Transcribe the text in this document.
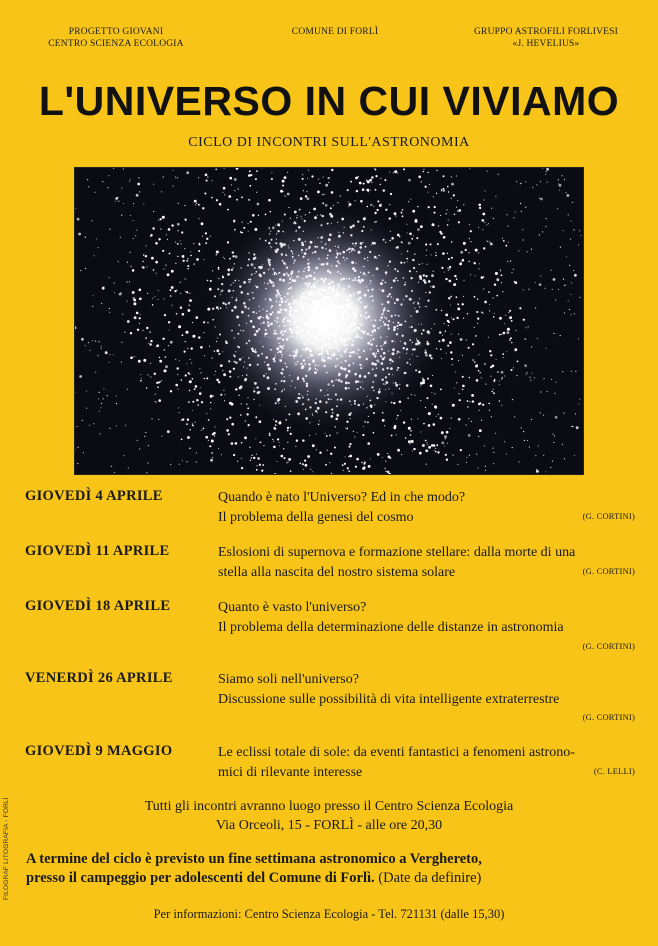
PROGETTO GIOVANI
CENTRO SCIENZA ECOLOGIA
COMUNE DI FORLÌ	GRUPPO ASTROFILI FORLIVESI
«J. HEVELIUS»
L'UNIVERSO IN CUI VIVIAMO
CICLO DI INCONTRI SULL'ASTRONOMIA
GIOVEDÌ 4 APRILE	Quando è nato l'Universo? Ed in che modo?
Il problema della genesi del cosmo	(G. CORTINI)
GIOVEDÌ 11 APRILE	Eslosioni di supernova e formazione stellare: dalla morte di una
stella alla nascita del nostro sistema solare	(G. CORTINI)
GIOVEDÌ 18 APRILE	Quanto è vasto l'universo?
Il problema della determinazione delle distanze in astronomia
(G. CORTINI)
VENERDÌ 26 APRILE	Siamo soli nell'universo?
Discussione sulle possibilità di vita intelligente extraterrestre
(G. CORTINI)
GIOVEDÌ 9 MAGGIO	Le eclissi totale di sole: da eventi fantastici a fenomeni astrono-
mici di rilevante interesse	(C. LELLI)
Tutti gli incontri avranno luogo presso il Centro Scienza Ecologia
Via Orceoli, 15 - FORLÌ - alle ore 20,30
A termine del ciclo è previsto un fine settimana astronomico a Verghereto,
presso il campeggio per adolescenti del Comune di Forlì. (Date da definire)
Per informazioni: Centro Scienza Ecologia - Tel. 721131 (dalle 15,30)
FILOGRAF LITOGRAFIA - FORLÌ
